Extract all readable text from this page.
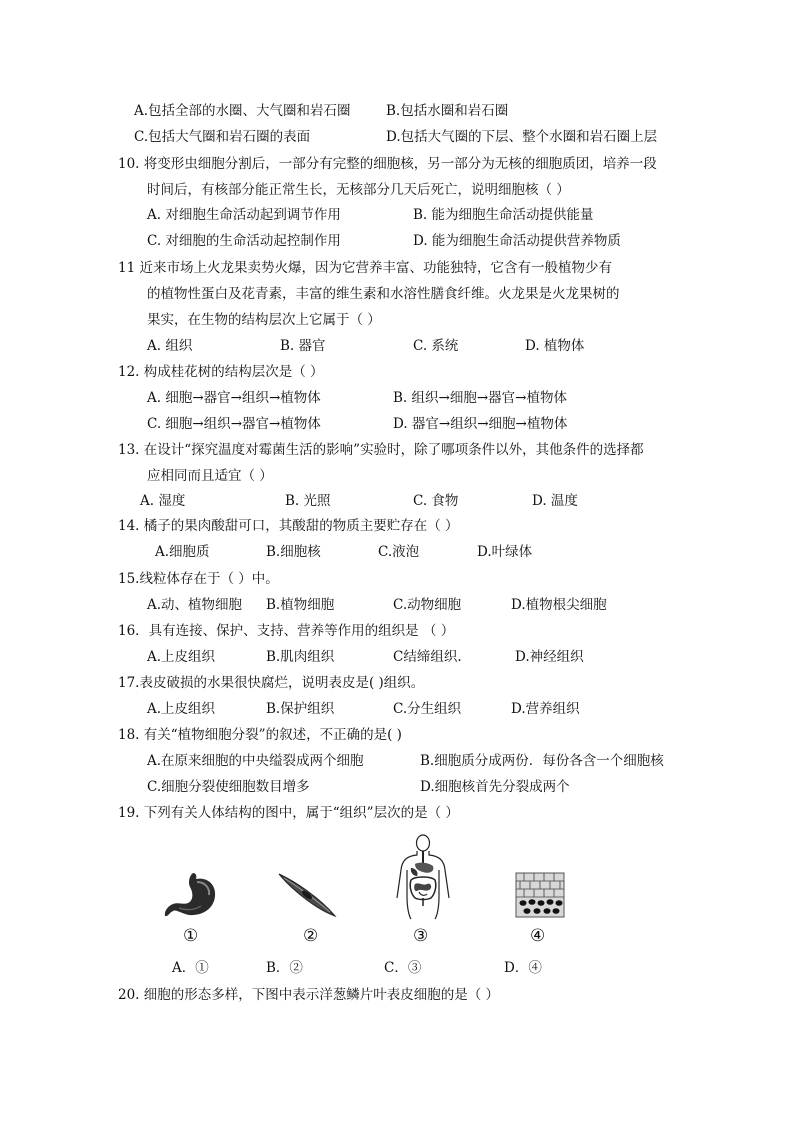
A.包括全部的水圈、大气圈和岩石圈	B.包括水圈和岩石圈
C.包括大气圈和岩石圈的表面	D.包括大气圈的下层、整个水圈和岩石圈上层
10. 将变形虫细胞分割后，一部分有完整的细胞核，另一部分为无核的细胞质团，培养一段
时间后，有核部分能正常生长，无核部分几天后死亡，说明细胞核（ ）
A. 对细胞生命活动起到调节作用	B. 能为细胞生命活动提供能量
C. 对细胞的生命活动起控制作用	D. 能为细胞生命活动提供营养物质
11 近来市场上火龙果卖势火爆，因为它营养丰富、功能独特，它含有一般植物少有
的植物性蛋白及花青素，丰富的维生素和水溶性膳食纤维。火龙果是火龙果树的
果实，在生物的结构层次上它属于（ ）
A. 组织	B. 器官	C. 系统	D. 植物体
12. 构成桂花树的结构层次是（ ）
A. 细胞→器官→组织→植物体	B. 组织→细胞→器官→植物体
C. 细胞→组织→器官→植物体	D. 器官→组织→细胞→植物体
13. 在设计“探究温度对霉菌生活的影响”实验时，除了哪项条件以外，其他条件的选择都
应相同而且适宜（ ）
A. 湿度	B. 光照	C. 食物	D. 温度
14. 橘子的果肉酸甜可口，其酸甜的物质主要贮存在（ ）
A.细胞质	B.细胞核	C.液泡	D.叶绿体
15.线粒体存在于（ ）中。
A.动、植物细胞 B.植物细胞	C.动物细胞	D.植物根尖细胞
16．具有连接、保护、支持、营养等作用的组织是 （ ）
A.上皮组织	B.肌肉组织	C结缔组织.	D.神经组织
17.表皮破损的水果很快腐烂，说明表皮是( )组织。
A.上皮组织	B.保护组织	C.分生组织	D.营养组织
18. 有关“植物细胞分裂”的叙述，不正确的是( )
A.在原来细胞的中央缢裂成两个细胞	B.细胞质分成两份．每份各含一个细胞核
C.细胞分裂使细胞数目增多	D.细胞核首先分裂成两个
19. 下列有关人体结构的图中，属于“组织”层次的是（ ）
①	②	③	④
A．①	B．②	C．③	D．④
20. 细胞的形态多样，下图中表示洋葱鳞片叶表皮细胞的是（ ）
